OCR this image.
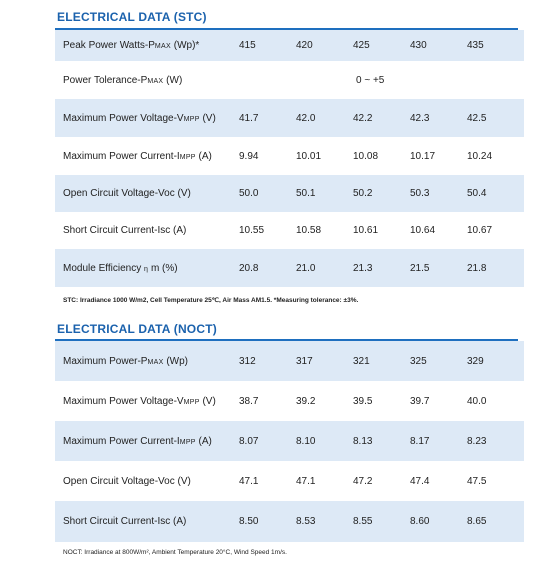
ELECTRICAL DATA (STC)
Peak Power Watts-PMAX (Wp)*	415	420	425	430	435
Power Tolerance-PMAX (W)	0 ~ +5				
Maximum Power Voltage-VMPP (V)	41.7	42.0	42.2	42.3	42.5
Maximum Power Current-IMPP (A)	9.94	10.01	10.08	10.17	10.24
Open Circuit Voltage-Voc (V)	50.0	50.1	50.2	50.3	50.4
Short Circuit Current-Isc (A)	10.55	10.58	10.61	10.64	10.67
Module Efficiency η m (%)	20.8	21.0	21.3	21.5	21.8
STC: Irradiance 1000 W/m2, Cell Temperature 25℃, Air Mass AM1.5. *Measuring tolerance: ±3%.
ELECTRICAL DATA (NOCT)
Maximum Power-PMAX (Wp)	312	317	321	325	329
Maximum Power Voltage-VMPP (V)	38.7	39.2	39.5	39.7	40.0
Maximum Power Current-IMPP (A)	8.07	8.10	8.13	8.17	8.23
Open Circuit Voltage-Voc (V)	47.1	47.1	47.2	47.4	47.5
Short Circuit Current-Isc (A)	8.50	8.53	8.55	8.60	8.65
NOCT: Irradiance at 800W/m², Ambient Temperature 20°C, Wind Speed 1m/s.
